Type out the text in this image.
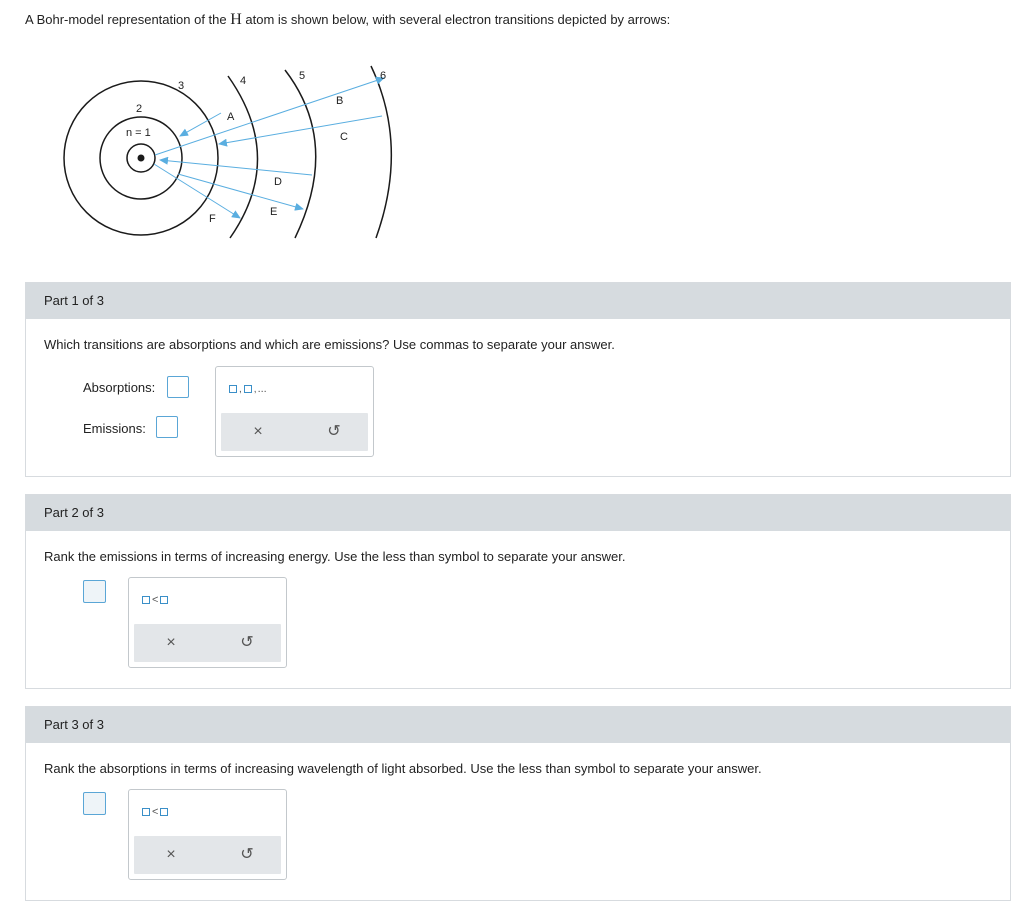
A Bohr-model representation of the H atom is shown below, with several electron transitions depicted by arrows:
n = 1
2
3	4	5	6
A
B
C
D
E
F
Part 1 of 3
Which transitions are absorptions and which are emissions? Use commas to separate your answer.
Absorptions:
Emissions:
, , ...
×	↺
Part 2 of 3
Rank the emissions in terms of increasing energy. Use the less than symbol to separate your answer.
<
×	↺
Part 3 of 3
Rank the absorptions in terms of increasing wavelength of light absorbed. Use the less than symbol to separate your answer.
<
×	↺
